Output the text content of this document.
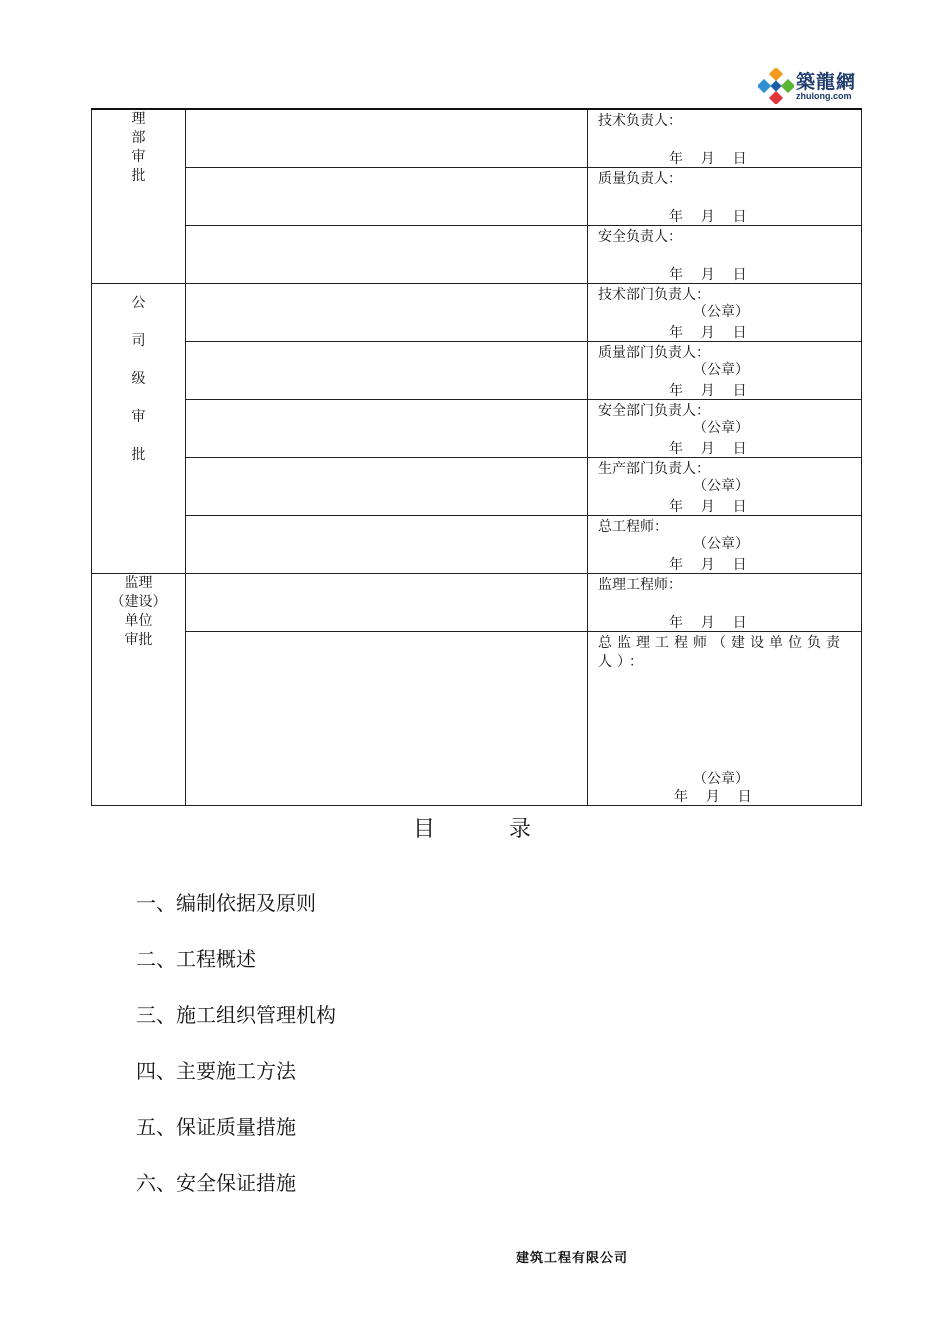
築龍網
zhulong.com
理部审批		技术负责人：
年    月    日

		质量负责人：
年    月    日

		安全负责人：
年    月    日

公司级审批		技术部门负责人：
（公章）
年    月    日

		质量部门负责人：
（公章）
年    月    日

		安全部门负责人：
（公章）
年    月    日

		生产部门负责人：
（公章）
年    月    日

		总工程师：
（公章）
年    月    日

监理
（建设）
单位
审批		监理工程师：
年    月    日

		总监理工程师（建设单位负责人）：
（公章）
年    月    日
目        录
一、编制依据及原则
二、工程概述
三、施工组织管理机构
四、主要施工方法
五、保证质量措施
六、安全保证措施
建筑工程有限公司
